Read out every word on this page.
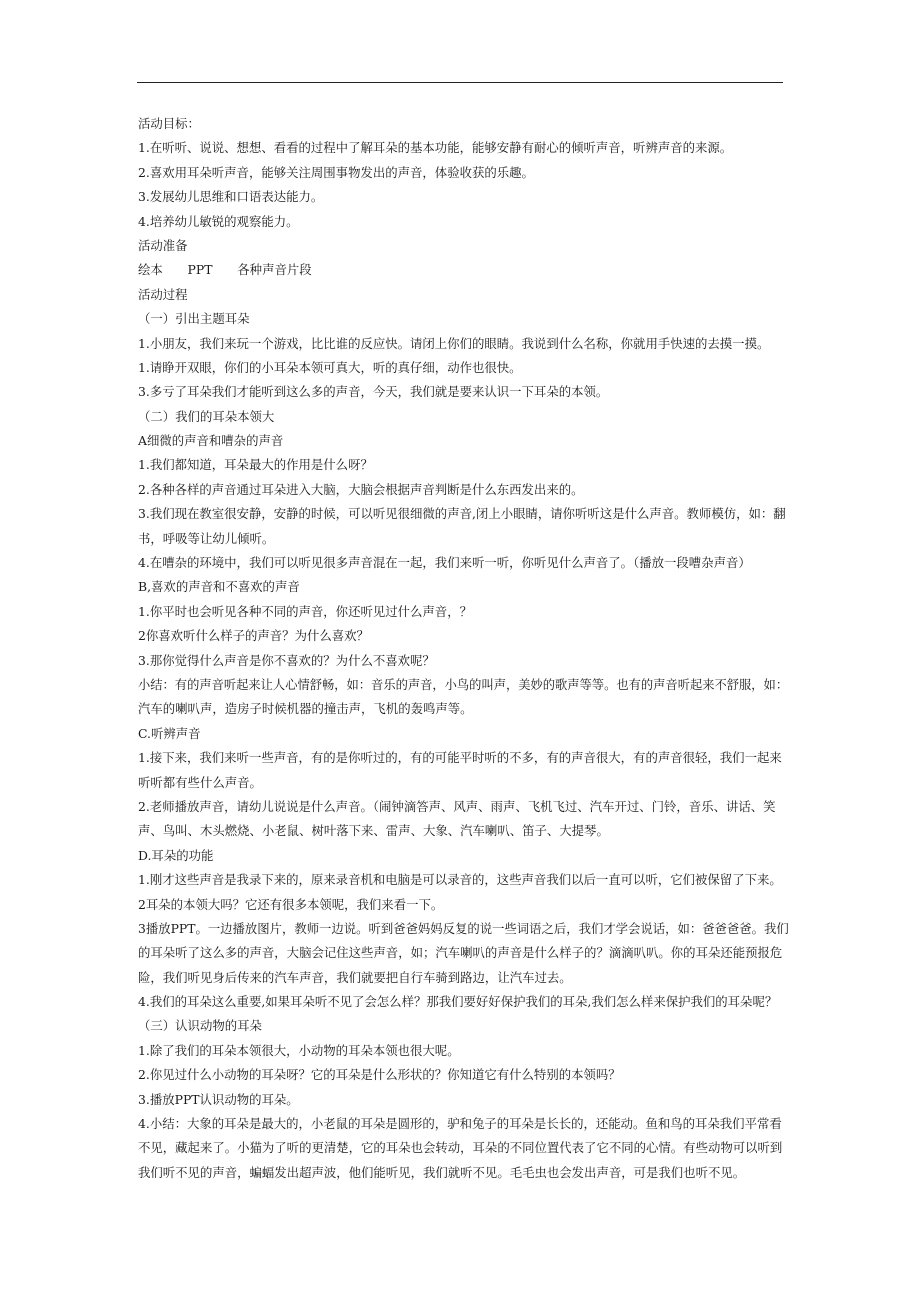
活动目标：
1.在听听、说说、想想、看看的过程中了解耳朵的基本功能，能够安静有耐心的倾听声音，听辨声音的来源。
2.喜欢用耳朵听声音，能够关注周围事物发出的声音，体验收获的乐趣。
3.发展幼儿思维和口语表达能力。
4.培养幼儿敏锐的观察能力。
活动准备
绘本　　PPT　　各种声音片段
活动过程
（一）引出主题耳朵
1.小朋友，我们来玩一个游戏，比比谁的反应快。请闭上你们的眼睛。我说到什么名称，你就用手快速的去摸一摸。
1.请睁开双眼，你们的小耳朵本领可真大，听的真仔细，动作也很快。
3.多亏了耳朵我们才能听到这么多的声音，今天，我们就是要来认识一下耳朵的本领。
（二）我们的耳朵本领大
A细微的声音和嘈杂的声音
1.我们都知道，耳朵最大的作用是什么呀？
2.各种各样的声音通过耳朵进入大脑，大脑会根据声音判断是什么东西发出来的。
3.我们现在教室很安静，安静的时候，可以听见很细微的声音,闭上小眼睛，请你听听这是什么声音。教师模仿，如：翻
书，呼吸等让幼儿倾听。
4.在嘈杂的环境中，我们可以听见很多声音混在一起，我们来听一听，你听见什么声音了。（播放一段嘈杂声音）
B,喜欢的声音和不喜欢的声音
1.你平时也会听见各种不同的声音，你还听见过什么声音，？
2你喜欢听什么样子的声音？为什么喜欢？
3.那你觉得什么声音是你不喜欢的？为什么不喜欢呢？
小结：有的声音听起来让人心情舒畅，如：音乐的声音，小鸟的叫声，美妙的歌声等等。也有的声音听起来不舒服，如：
汽车的喇叭声，造房子时候机器的撞击声，飞机的轰鸣声等。
C.听辨声音
1.接下来，我们来听一些声音，有的是你听过的，有的可能平时听的不多，有的声音很大，有的声音很轻，我们一起来
听听都有些什么声音。
2.老师播放声音，请幼儿说说是什么声音。（闹钟滴答声、风声、雨声、飞机飞过、汽车开过、门铃，音乐、讲话、笑
声、鸟叫、木头燃烧、小老鼠、树叶落下来、雷声、大象、汽车喇叭、笛子、大提琴。
D.耳朵的功能
1.刚才这些声音是我录下来的，原来录音机和电脑是可以录音的，这些声音我们以后一直可以听，它们被保留了下来。
2耳朵的本领大吗？它还有很多本领呢，我们来看一下。
3播放PPT。一边播放图片，教师一边说。听到爸爸妈妈反复的说一些词语之后，我们才学会说话，如：爸爸爸爸。我们
的耳朵听了这么多的声音，大脑会记住这些声音，如；汽车喇叭的声音是什么样子的？滴滴叭叭。你的耳朵还能预报危
险，我们听见身后传来的汽车声音，我们就要把自行车骑到路边，让汽车过去。
4.我们的耳朵这么重要,如果耳朵听不见了会怎么样？那我们要好好保护我们的耳朵,我们怎么样来保护我们的耳朵呢？
（三）认识动物的耳朵
1.除了我们的耳朵本领很大，小动物的耳朵本领也很大呢。
2.你见过什么小动物的耳朵呀？它的耳朵是什么形状的？你知道它有什么特别的本领吗？
3.播放PPT认识动物的耳朵。
4.小结：大象的耳朵是最大的，小老鼠的耳朵是圆形的，驴和兔子的耳朵是长长的，还能动。鱼和鸟的耳朵我们平常看
不见，藏起来了。小猫为了听的更清楚，它的耳朵也会转动，耳朵的不同位置代表了它不同的心情。有些动物可以听到
我们听不见的声音，蝙蝠发出超声波，他们能听见，我们就听不见。毛毛虫也会发出声音，可是我们也听不见。
